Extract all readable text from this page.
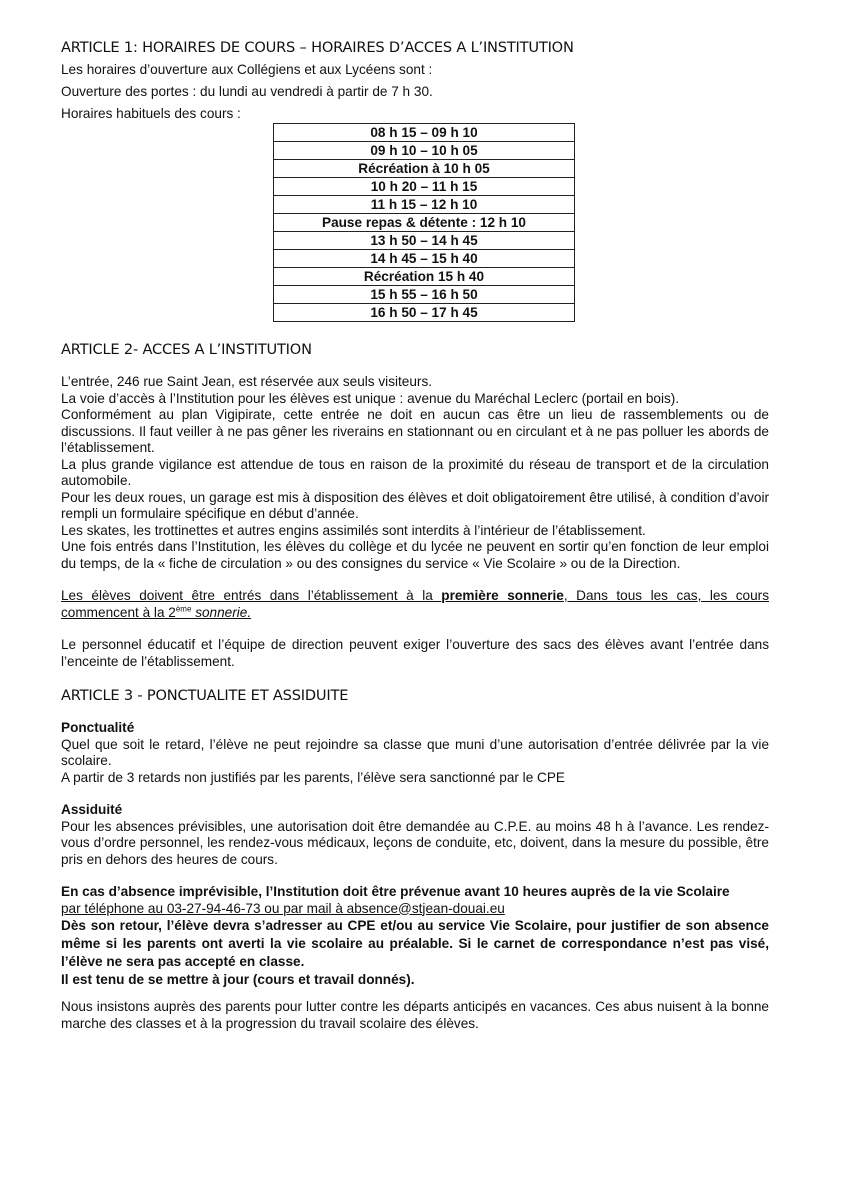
ARTICLE 1: HORAIRES DE COURS – HORAIRES D’ACCES A L’INSTITUTION

Les horaires d’ouverture aux Collégiens et aux Lycéens sont :

Ouverture des portes : du lundi au vendredi à partir de 7 h 30.

Horaires habituels des cours :

08 h 15 – 09 h 10
09 h 10 – 10 h 05
Récréation à 10 h 05
10 h 20 – 11 h 15
11 h 15 – 12 h 10
Pause repas & détente : 12 h 10
13 h 50 – 14 h 45
14 h 45 – 15 h 40
Récréation 15 h 40
15 h 55 – 16 h 50
16 h 50 – 17 h 45
ARTICLE 2- ACCES A L’INSTITUTION

L’entrée, 246 rue Saint Jean, est réservée aux seuls visiteurs.

La voie d’accès à l’Institution pour les élèves est unique : avenue du Maréchal Leclerc (portail en bois).

Conformément au plan Vigipirate, cette entrée ne doit en aucun cas être un lieu de rassemblements ou de discussions. Il faut veiller à ne pas gêner les riverains en stationnant ou en circulant et à ne pas polluer les abords de l’établissement.

La plus grande vigilance est attendue de tous en raison de la proximité du réseau de transport et de la circulation automobile.

Pour les deux roues, un garage est mis à disposition des élèves et doit obligatoirement être utilisé, à condition d’avoir rempli un formulaire spécifique en début d’année.

Les skates, les trottinettes et autres engins assimilés sont interdits à l’intérieur de l’établissement.

Une fois entrés dans l’Institution, les élèves du collège et du lycée ne peuvent en sortir qu’en fonction de leur emploi du temps, de la « fiche de circulation » ou des consignes du service « Vie Scolaire » ou de la Direction.

Les élèves doivent être entrés dans l’établissement à la première sonnerie, Dans tous les cas, les cours commencent à la 2ème sonnerie.

Le personnel éducatif et l’équipe de direction peuvent exiger l’ouverture des sacs des élèves avant l’entrée dans l’enceinte de l’établissement.

ARTICLE 3 - PONCTUALITE ET ASSIDUITE
Ponctualité

Quel que soit le retard, l’élève ne peut rejoindre sa classe que muni d’une autorisation d’entrée délivrée par la vie scolaire.

A partir de 3 retards non justifiés par les parents, l’élève sera sanctionné par le CPE

Assiduité

Pour les absences prévisibles, une autorisation doit être demandée au C.P.E. au moins 48 h à l’avance. Les rendez-vous d’ordre personnel, les rendez-vous médicaux, leçons de conduite, etc, doivent, dans la mesure du possible, être pris en dehors des heures de cours.

En cas d’absence imprévisible, l’Institution doit être prévenue avant 10 heures auprès de la vie Scolaire

par téléphone au 03-27-94-46-73 ou par mail à absence@stjean-douai.eu

Dès son retour, l’élève devra s’adresser au CPE et/ou au service Vie Scolaire, pour justifier de son absence même si les parents ont averti la vie scolaire au préalable. Si le carnet de correspondance n’est pas visé, l’élève ne sera pas accepté en classe.

Il est tenu de se mettre à jour (cours et travail donnés).

Nous insistons auprès des parents pour lutter contre les départs anticipés en vacances. Ces abus nuisent à la bonne marche des classes et à la progression du travail scolaire des élèves.
